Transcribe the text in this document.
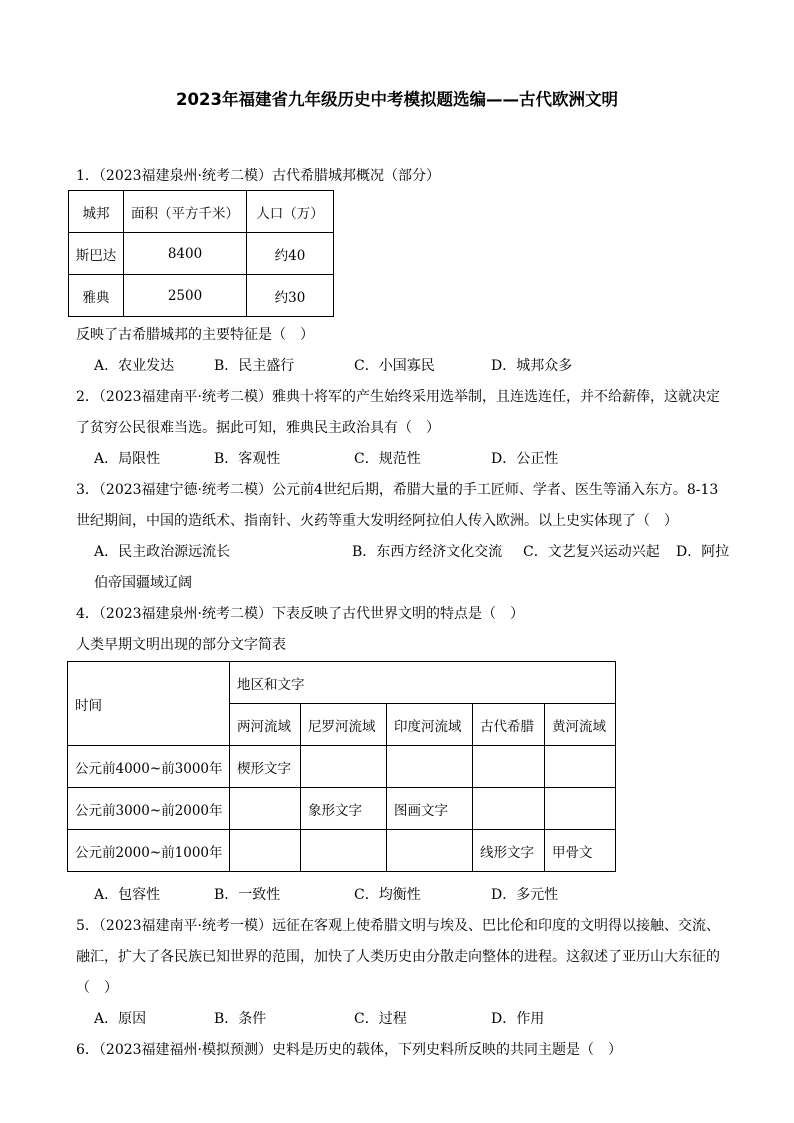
2023年福建省九年级历史中考模拟题选编——古代欧洲文明
1．（2023福建泉州·统考二模）古代希腊城邦概况（部分）
城邦	面积（平方千米）	人口（万）
斯巴达	8400	约40
雅典	2500	约30
反映了古希腊城邦的主要特征是（　）
A．农业发达	B．民主盛行	C．小国寡民	D．城邦众多
2．（2023福建南平·统考二模）雅典十将军的产生始终采用选举制，且连选连任，并不给薪俸，这就决定
了贫穷公民很难当选。据此可知，雅典民主政治具有（　）
A．局限性	B．客观性	C．规范性	D．公正性
3．（2023福建宁德·统考二模）公元前4世纪后期，希腊大量的手工匠师、学者、医生等涌入东方。8-13
世纪期间，中国的造纸术、指南针、火药等重大发明经阿拉伯人传入欧洲。以上史实体现了（　）
A．民主政治源远流长	B．东西方经济文化交流 C．文艺复兴运动兴起 D．阿拉
伯帝国疆域辽阔
4．（2023福建泉州·统考二模）下表反映了古代世界文明的特点是（　）
人类早期文明出现的部分文字简表
时间	地区和文字				
	两河流域	尼罗河流域	印度河流域	古代希腊	黄河流域
公元前4000~前3000年	楔形文字				
公元前3000~前2000年		象形文字	图画文字		
公元前2000~前1000年				线形文字	甲骨文
A．包容性	B．一致性	C．均衡性	D．多元性
5．（2023福建南平·统考一模）远征在客观上使希腊文明与埃及、巴比伦和印度的文明得以接触、交流、
融汇，扩大了各民族已知世界的范围，加快了人类历史由分散走向整体的进程。这叙述了亚历山大东征的
（　）
A．原因	B．条件	C．过程	D．作用
6．（2023福建福州·模拟预测）史料是历史的载体，下列史料所反映的共同主题是（　）
